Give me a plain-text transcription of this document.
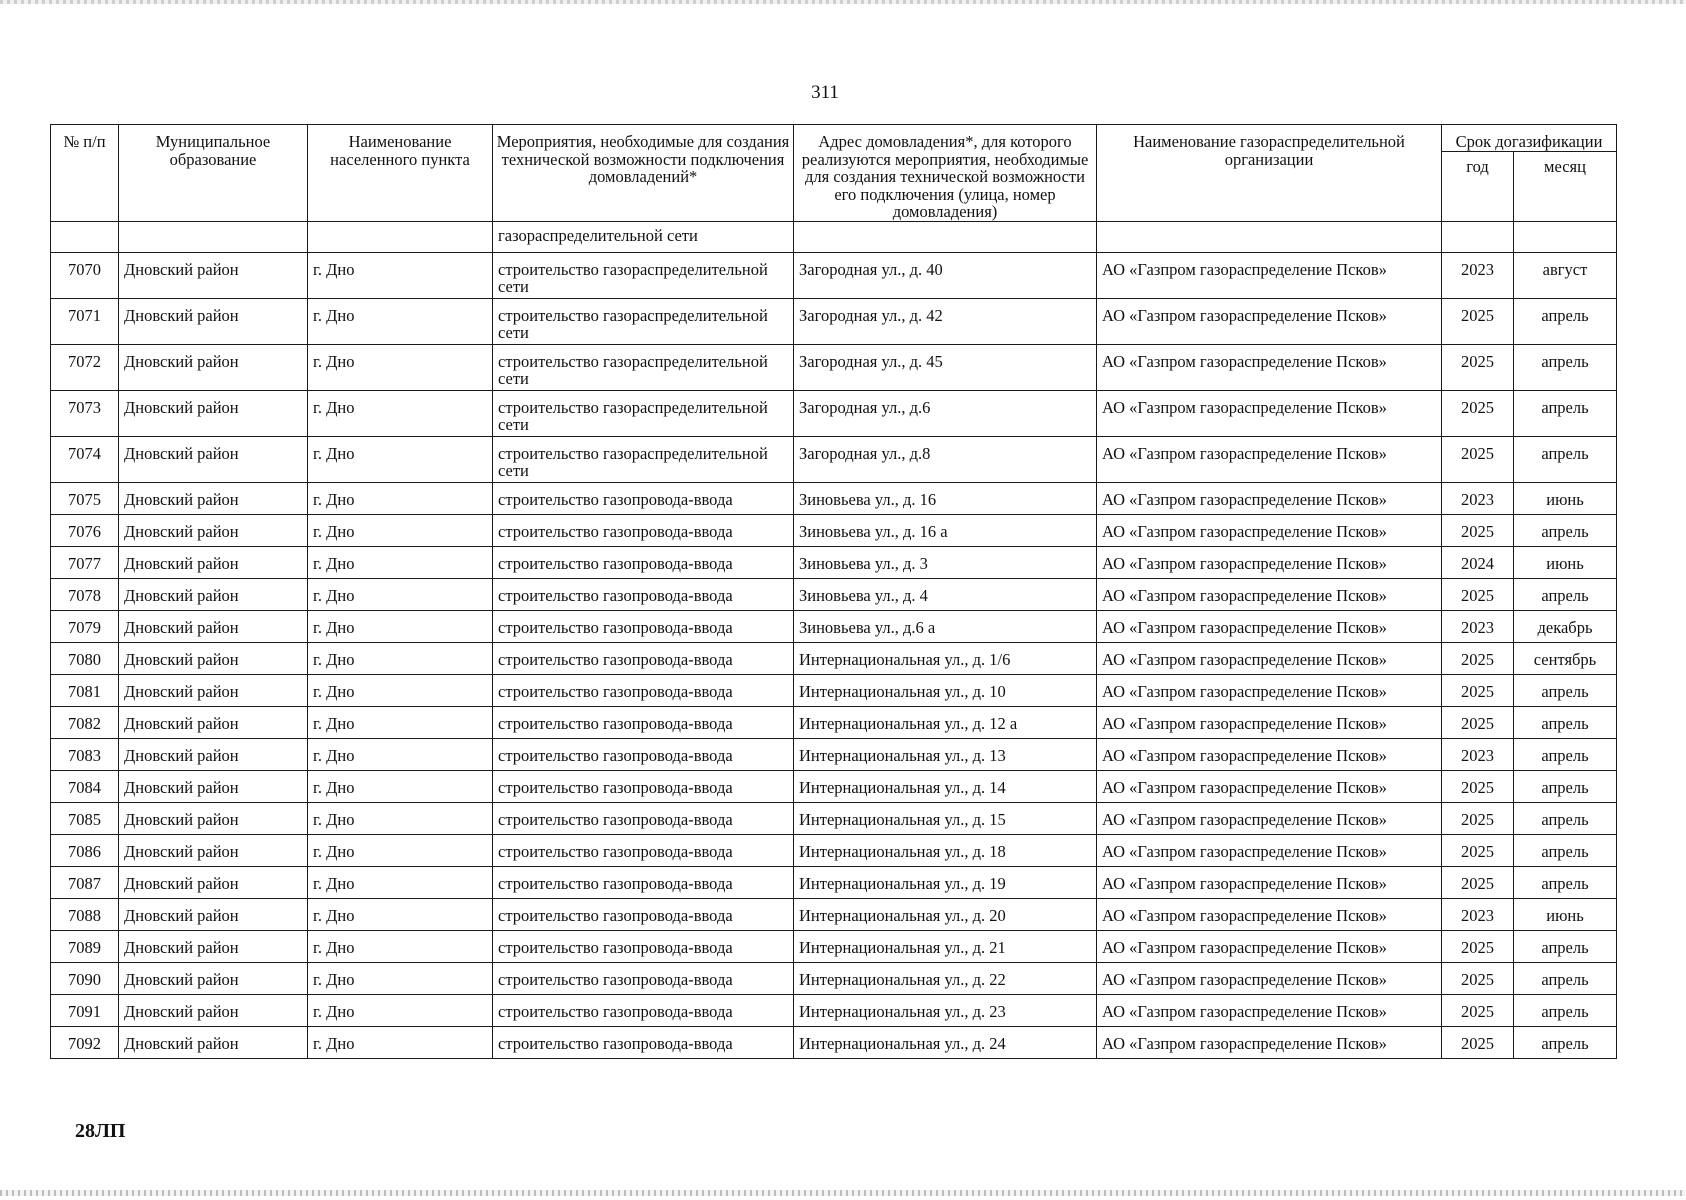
311
№ п/п	Муниципальное образование	Наименование населенного пункта	Мероприятия, необходимые для создания технической возможности подключения домовладений*	Адрес домовладения*, для которого реализуются мероприятия, необходимые для создания технической возможности его подключения (улица, номер домовладения)	Наименование газораспределительной организации	Срок догазификации	
						год	месяц
			газораспределительной сети				
7070	Дновский район	г. Дно	строительство газораспределительной сети	Загородная ул., д. 40	АО «Газпром газораспределение Псков»	2023	август
7071	Дновский район	г. Дно	строительство газораспределительной сети	Загородная ул., д. 42	АО «Газпром газораспределение Псков»	2025	апрель
7072	Дновский район	г. Дно	строительство газораспределительной сети	Загородная ул., д. 45	АО «Газпром газораспределение Псков»	2025	апрель
7073	Дновский район	г. Дно	строительство газораспределительной сети	Загородная ул., д.6	АО «Газпром газораспределение Псков»	2025	апрель
7074	Дновский район	г. Дно	строительство газораспределительной сети	Загородная ул., д.8	АО «Газпром газораспределение Псков»	2025	апрель
7075	Дновский район	г. Дно	строительство газопровода-ввода	Зиновьева ул., д. 16	АО «Газпром газораспределение Псков»	2023	июнь
7076	Дновский район	г. Дно	строительство газопровода-ввода	Зиновьева ул., д. 16 а	АО «Газпром газораспределение Псков»	2025	апрель
7077	Дновский район	г. Дно	строительство газопровода-ввода	Зиновьева ул., д. 3	АО «Газпром газораспределение Псков»	2024	июнь
7078	Дновский район	г. Дно	строительство газопровода-ввода	Зиновьева ул., д. 4	АО «Газпром газораспределение Псков»	2025	апрель
7079	Дновский район	г. Дно	строительство газопровода-ввода	Зиновьева ул., д.6 а	АО «Газпром газораспределение Псков»	2023	декабрь
7080	Дновский район	г. Дно	строительство газопровода-ввода	Интернациональная ул., д. 1/6	АО «Газпром газораспределение Псков»	2025	сентябрь
7081	Дновский район	г. Дно	строительство газопровода-ввода	Интернациональная ул., д. 10	АО «Газпром газораспределение Псков»	2025	апрель
7082	Дновский район	г. Дно	строительство газопровода-ввода	Интернациональная ул., д. 12 а	АО «Газпром газораспределение Псков»	2025	апрель
7083	Дновский район	г. Дно	строительство газопровода-ввода	Интернациональная ул., д. 13	АО «Газпром газораспределение Псков»	2023	апрель
7084	Дновский район	г. Дно	строительство газопровода-ввода	Интернациональная ул., д. 14	АО «Газпром газораспределение Псков»	2025	апрель
7085	Дновский район	г. Дно	строительство газопровода-ввода	Интернациональная ул., д. 15	АО «Газпром газораспределение Псков»	2025	апрель
7086	Дновский район	г. Дно	строительство газопровода-ввода	Интернациональная ул., д. 18	АО «Газпром газораспределение Псков»	2025	апрель
7087	Дновский район	г. Дно	строительство газопровода-ввода	Интернациональная ул., д. 19	АО «Газпром газораспределение Псков»	2025	апрель
7088	Дновский район	г. Дно	строительство газопровода-ввода	Интернациональная ул., д. 20	АО «Газпром газораспределение Псков»	2023	июнь
7089	Дновский район	г. Дно	строительство газопровода-ввода	Интернациональная ул., д. 21	АО «Газпром газораспределение Псков»	2025	апрель
7090	Дновский район	г. Дно	строительство газопровода-ввода	Интернациональная ул., д. 22	АО «Газпром газораспределение Псков»	2025	апрель
7091	Дновский район	г. Дно	строительство газопровода-ввода	Интернациональная ул., д. 23	АО «Газпром газораспределение Псков»	2025	апрель
7092	Дновский район	г. Дно	строительство газопровода-ввода	Интернациональная ул., д. 24	АО «Газпром газораспределение Псков»	2025	апрель
28ЛП
